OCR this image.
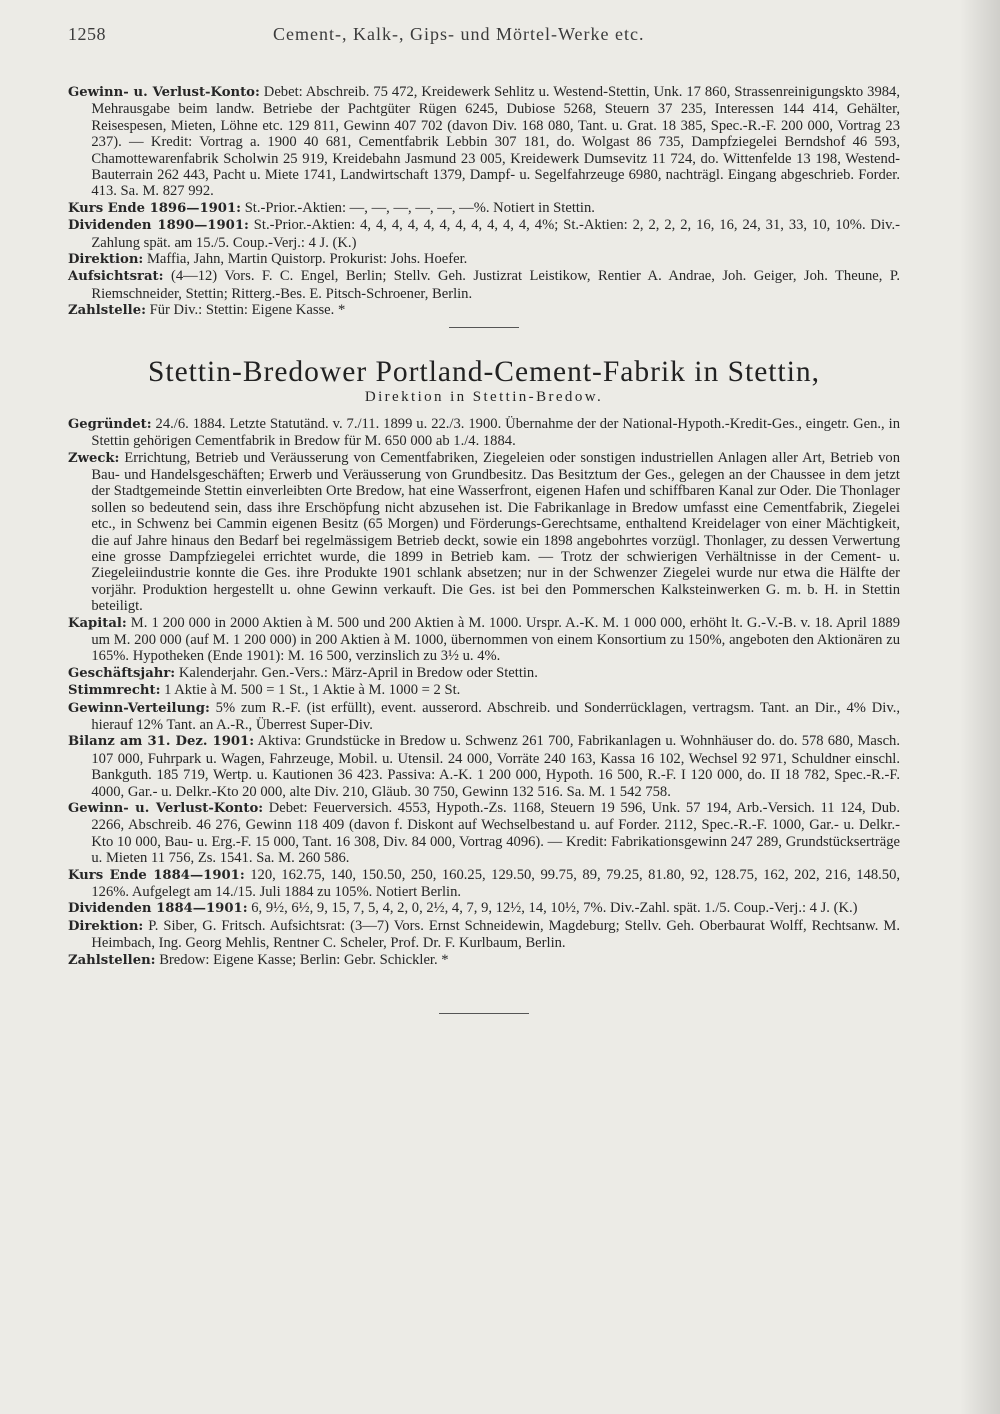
1258	Cement-, Kalk-, Gips- und Mörtel-Werke etc.

Gewinn- u. Verlust-Konto: Debet: Abschreib. 75 472, Kreidewerk Sehlitz u. Westend-Stettin, Unk. 17 860, Strassenreinigungskto 3984, Mehrausgabe beim landw. Betriebe der Pachtgüter Rügen 6245, Dubiose 5268, Steuern 37 235, Interessen 144 414, Gehälter, Reisespesen, Mieten, Löhne etc. 129 811, Gewinn 407 702 (davon Div. 168 080, Tant. u. Grat. 18 385, Spec.-R.-F. 200 000, Vortrag 23 237). — Kredit: Vortrag a. 1900 40 681, Cementfabrik Lebbin 307 181, do. Wolgast 86 735, Dampfziegelei Berndshof 46 593, Chamottewarenfabrik Scholwin 25 919, Kreidebahn Jasmund 23 005, Kreidewerk Dumsevitz 11 724, do. Wittenfelde 13 198, Westend-Bauterrain 262 443, Pacht u. Miete 1741, Landwirtschaft 1379, Dampf- u. Segelfahrzeuge 6980, nachträgl. Eingang abgeschrieb. Forder. 413. Sa. M. 827 992.

Kurs Ende 1896—1901: St.-Prior.-Aktien: —, —, —, —, —, —%. Notiert in Stettin.

Dividenden 1890—1901: St.-Prior.-Aktien: 4, 4, 4, 4, 4, 4, 4, 4, 4, 4, 4, 4%; St.-Aktien: 2, 2, 2, 2, 16, 16, 24, 31, 33, 10, 10%. Div.-Zahlung spät. am 15./5. Coup.-Verj.: 4 J. (K.)

Direktion: Maffia, Jahn, Martin Quistorp. Prokurist: Johs. Hoefer.

Aufsichtsrat: (4—12) Vors. F. C. Engel, Berlin; Stellv. Geh. Justizrat Leistikow, Rentier A. Andrae, Joh. Geiger, Joh. Theune, P. Riemschneider, Stettin; Ritterg.-Bes. E. Pitsch-Schroener, Berlin.

Zahlstelle: Für Div.: Stettin: Eigene Kasse. *

Stettin-Bredower Portland-Cement-Fabrik in Stettin,
Direktion in Stettin-Bredow.

Gegründet: 24./6. 1884. Letzte Statutänd. v. 7./11. 1899 u. 22./3. 1900. Übernahme der der National-Hypoth.-Kredit-Ges., eingetr. Gen., in Stettin gehörigen Cementfabrik in Bredow für M. 650 000 ab 1./4. 1884.

Zweck: Errichtung, Betrieb und Veräusserung von Cementfabriken, Ziegeleien oder sonstigen industriellen Anlagen aller Art, Betrieb von Bau- und Handelsgeschäften; Erwerb und Veräusserung von Grundbesitz. Das Besitztum der Ges., gelegen an der Chaussee in dem jetzt der Stadtgemeinde Stettin einverleibten Orte Bredow, hat eine Wasserfront, eigenen Hafen und schiffbaren Kanal zur Oder. Die Thonlager sollen so bedeutend sein, dass ihre Erschöpfung nicht abzusehen ist. Die Fabrikanlage in Bredow umfasst eine Cementfabrik, Ziegelei etc., in Schwenz bei Cammin eigenen Besitz (65 Morgen) und Förderungs-Gerechtsame, enthaltend Kreidelager von einer Mächtigkeit, die auf Jahre hinaus den Bedarf bei regelmässigem Betrieb deckt, sowie ein 1898 angebohrtes vorzügl. Thonlager, zu dessen Verwertung eine grosse Dampfziegelei errichtet wurde, die 1899 in Betrieb kam. — Trotz der schwierigen Verhältnisse in der Cement- u. Ziegeleiindustrie konnte die Ges. ihre Produkte 1901 schlank absetzen; nur in der Schwenzer Ziegelei wurde nur etwa die Hälfte der vorjähr. Produktion hergestellt u. ohne Gewinn verkauft. Die Ges. ist bei den Pommerschen Kalksteinwerken G. m. b. H. in Stettin beteiligt.

Kapital: M. 1 200 000 in 2000 Aktien à M. 500 und 200 Aktien à M. 1000. Urspr. A.-K. M. 1 000 000, erhöht lt. G.-V.-B. v. 18. April 1889 um M. 200 000 (auf M. 1 200 000) in 200 Aktien à M. 1000, übernommen von einem Konsortium zu 150%, angeboten den Aktionären zu 165%. Hypotheken (Ende 1901): M. 16 500, verzinslich zu 3½ u. 4%.

Geschäftsjahr: Kalenderjahr. Gen.-Vers.: März-April in Bredow oder Stettin.

Stimmrecht: 1 Aktie à M. 500 = 1 St., 1 Aktie à M. 1000 = 2 St.

Gewinn-Verteilung: 5% zum R.-F. (ist erfüllt), event. ausserord. Abschreib. und Sonderrücklagen, vertragsm. Tant. an Dir., 4% Div., hierauf 12% Tant. an A.-R., Überrest Super-Div.

Bilanz am 31. Dez. 1901: Aktiva: Grundstücke in Bredow u. Schwenz 261 700, Fabrikanlagen u. Wohnhäuser do. do. 578 680, Masch. 107 000, Fuhrpark u. Wagen, Fahrzeuge, Mobil. u. Utensil. 24 000, Vorräte 240 163, Kassa 16 102, Wechsel 92 971, Schuldner einschl. Bankguth. 185 719, Wertp. u. Kautionen 36 423. Passiva: A.-K. 1 200 000, Hypoth. 16 500, R.-F. I 120 000, do. II 18 782, Spec.-R.-F. 4000, Gar.- u. Delkr.-Kto 20 000, alte Div. 210, Gläub. 30 750, Gewinn 132 516. Sa. M. 1 542 758.

Gewinn- u. Verlust-Konto: Debet: Feuerversich. 4553, Hypoth.-Zs. 1168, Steuern 19 596, Unk. 57 194, Arb.-Versich. 11 124, Dub. 2266, Abschreib. 46 276, Gewinn 118 409 (davon f. Diskont auf Wechselbestand u. auf Forder. 2112, Spec.-R.-F. 1000, Gar.- u. Delkr.-Kto 10 000, Bau- u. Erg.-F. 15 000, Tant. 16 308, Div. 84 000, Vortrag 4096). — Kredit: Fabrikationsgewinn 247 289, Grundstückserträge u. Mieten 11 756, Zs. 1541. Sa. M. 260 586.

Kurs Ende 1884—1901: 120, 162.75, 140, 150.50, 250, 160.25, 129.50, 99.75, 89, 79.25, 81.80, 92, 128.75, 162, 202, 216, 148.50, 126%. Aufgelegt am 14./15. Juli 1884 zu 105%. Notiert Berlin.

Dividenden 1884—1901: 6, 9½, 6½, 9, 15, 7, 5, 4, 2, 0, 2½, 4, 7, 9, 12½, 14, 10½, 7%. Div.-Zahl. spät. 1./5. Coup.-Verj.: 4 J. (K.)

Direktion: P. Siber, G. Fritsch. Aufsichtsrat: (3—7) Vors. Ernst Schneidewin, Magdeburg; Stellv. Geh. Oberbaurat Wolff, Rechtsanw. M. Heimbach, Ing. Georg Mehlis, Rentner C. Scheler, Prof. Dr. F. Kurlbaum, Berlin.

Zahlstellen: Bredow: Eigene Kasse; Berlin: Gebr. Schickler. *
